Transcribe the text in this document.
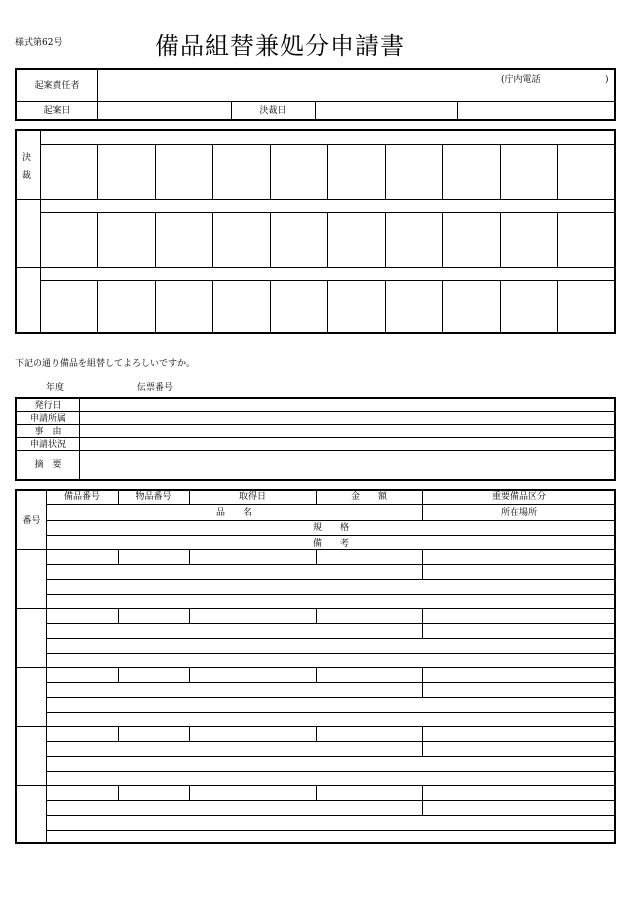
様式第62号	備品組替兼処分申請書
起案責任者
(庁内電話	)
起案日	決裁日
決
裁
下記の通り備品を組替してよろしいですか。
年度	伝票番号
発行日
申請所属
事　由
申請状況
摘　要
備品番号	物品番号	取得日	金　　額	重要備品区分
品　　名	所在場所
規　　格
備　　考
番号
